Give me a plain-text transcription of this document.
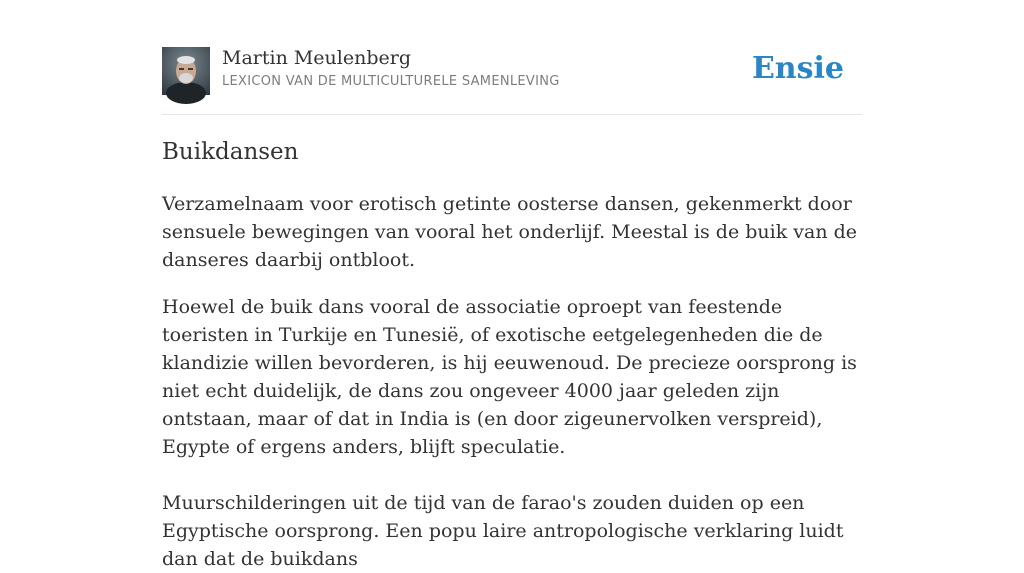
Martin Meulenberg
LEXICON VAN DE MULTICULTURELE SAMENLEVING	Ensie
Buikdansen

Verzamelnaam voor erotisch getinte oosterse dansen, gekenmerkt door sensuele bewegingen van vooral het onderlijf. Meestal is de buik van de danseres daarbij ontbloot.

Hoewel de buik dans vooral de associatie oproept van feestende toeristen in Turkije en Tunesië, of exotische eetgelegenheden die de klandizie willen bevorderen, is hij eeuwenoud. De precieze oorsprong is niet echt duidelijk, de dans zou ongeveer 4000 jaar geleden zijn ontstaan, maar of dat in India is (en door zigeunervolken verspreid), Egypte of ergens anders, blijft speculatie.

Muurschilderingen uit de tijd van de farao's zouden duiden op een Egyptische oorsprong. Een popu laire antropologische verklaring luidt dan dat de buikdans
